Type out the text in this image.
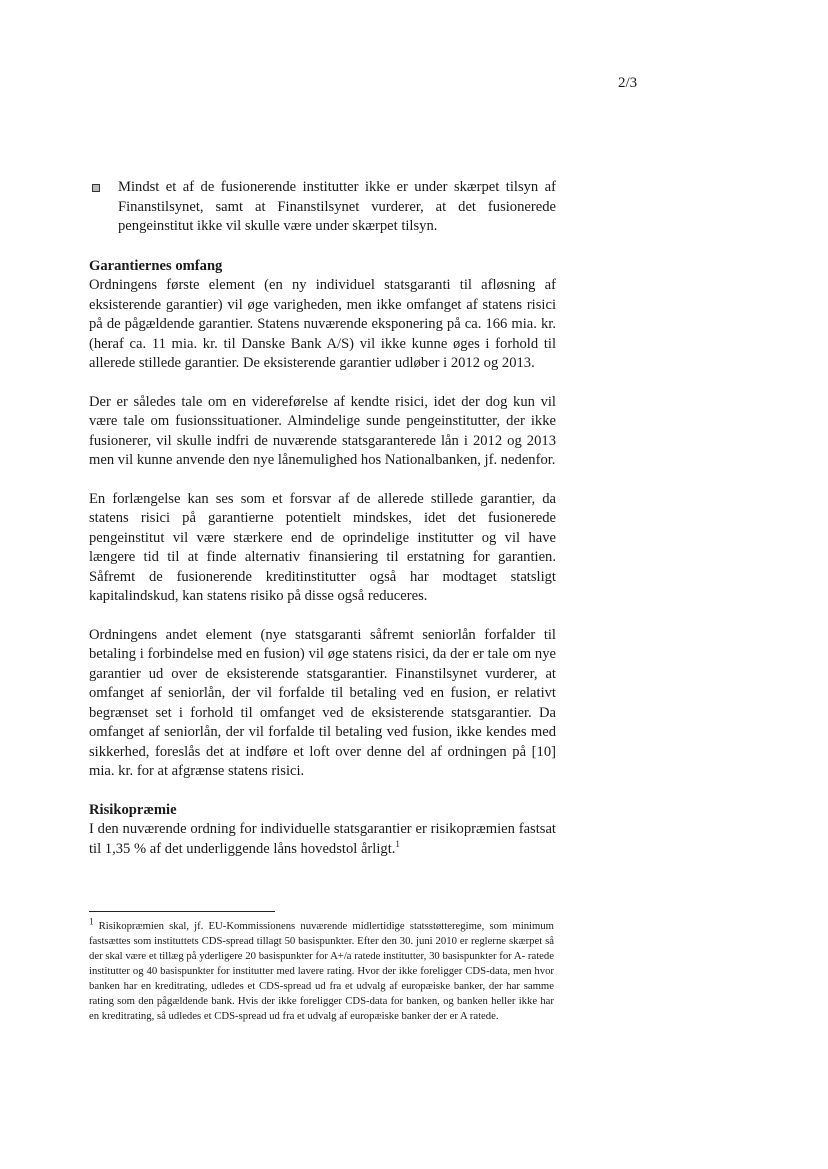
2/3
Mindst et af de fusionerende institutter ikke er under skærpet tilsyn af Finanstilsynet, samt at Finanstilsynet vurderer, at det fusionerede pengeinstitut ikke vil skulle være under skærpet tilsyn.
Garantiernes omfang

Ordningens første element (en ny individuel statsgaranti til afløsning af eksisterende garantier) vil øge varigheden, men ikke omfanget af statens risici på de pågældende garantier. Statens nuværende eksponering på ca. 166 mia. kr. (heraf ca. 11 mia. kr. til Danske Bank A/S) vil ikke kunne øges i forhold til allerede stillede garantier. De eksisterende garantier udløber i 2012 og 2013.

Der er således tale om en videreførelse af kendte risici, idet der dog kun vil være tale om fusionssituationer. Almindelige sunde pengeinstitutter, der ikke fusionerer, vil skulle indfri de nuværende statsgaranterede lån i 2012 og 2013 men vil kunne anvende den nye lånemulighed hos Nationalbanken, jf. nedenfor.

En forlængelse kan ses som et forsvar af de allerede stillede garantier, da statens risici på garantierne potentielt mindskes, idet det fusionerede pengeinstitut vil være stærkere end de oprindelige institutter og vil have længere tid til at finde alternativ finansiering til erstatning for garantien. Såfremt de fusionerende kreditinstitutter også har modtaget statsligt kapitalindskud, kan statens risiko på disse også reduceres.

Ordningens andet element (nye statsgaranti såfremt seniorlån forfalder til betaling i forbindelse med en fusion) vil øge statens risici, da der er tale om nye garantier ud over de eksisterende statsgarantier. Finanstilsynet vurderer, at omfanget af seniorlån, der vil forfalde til betaling ved en fusion, er relativt begrænset set i forhold til omfanget ved de eksisterende statsgarantier. Da omfanget af seniorlån, der vil forfalde til betaling ved fusion, ikke kendes med sikkerhed, foreslås det at indføre et loft over denne del af ordningen på [10] mia. kr. for at afgrænse statens risici.

Risikopræmie

I den nuværende ordning for individuelle statsgarantier er risikopræmien fastsat til 1,35 % af det underliggende låns hovedstol årligt.$^1$

$^1$ Risikopræmien skal, jf. EU-Kommissionens nuværende midlertidige statsstøtteregime, som minimum fastsættes som instituttets CDS-spread tillagt 50 basispunkter. Efter den 30. juni 2010 er reglerne skærpet så der skal være et tillæg på yderligere 20 basispunkter for A+/a ratede institutter, 30 basispunkter for A- ratede institutter og 40 basispunkter for institutter med lavere rating. Hvor der ikke foreligger CDS-data, men hvor banken har en kreditrating, udledes et CDS-spread ud fra et udvalg af europæiske banker, der har samme rating som den pågældende bank. Hvis der ikke foreligger CDS-data for banken, og banken heller ikke har en kreditrating, så udledes et CDS-spread ud fra et udvalg af europæiske banker der er A ratede.
